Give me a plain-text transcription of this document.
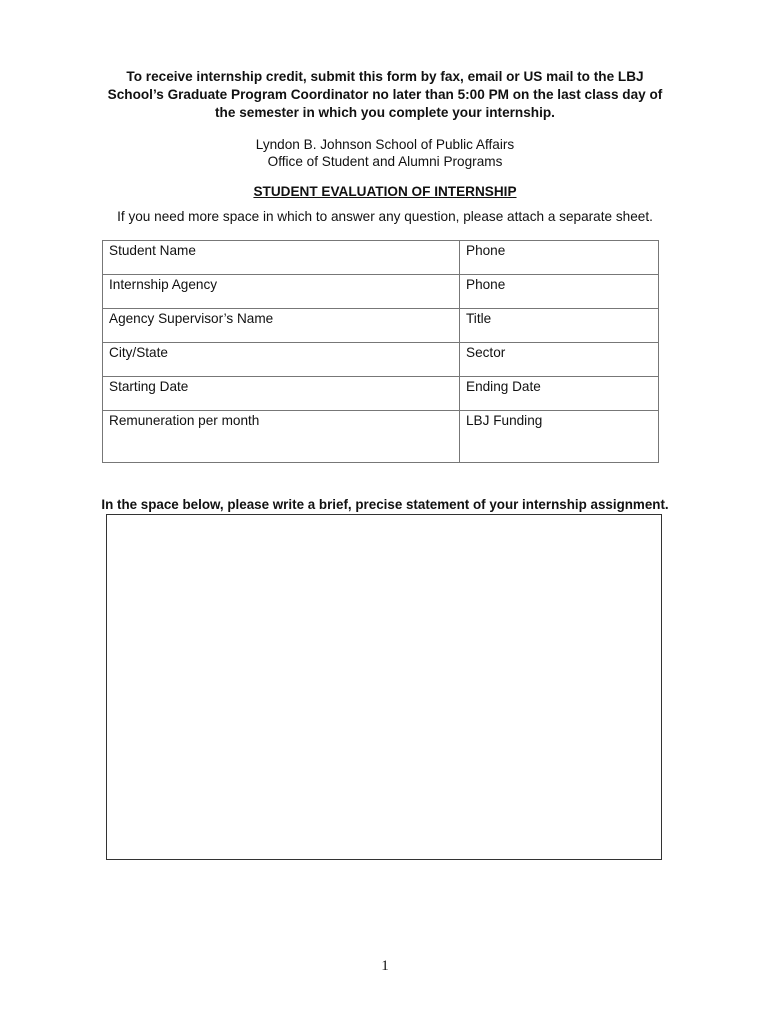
To receive internship credit, submit this form by fax, email or US mail to the LBJ

School’s Graduate Program Coordinator no later than 5:00 PM on the last class day of

the semester in which you complete your internship.

Lyndon B. Johnson School of Public Affairs

Office of Student and Alumni Programs

STUDENT EVALUATION OF INTERNSHIP
If you need more space in which to answer any question, please attach a separate sheet.
Student Name	Phone
Internship Agency	Phone
Agency Supervisor’s Name	Title
City/State	Sector
Starting Date	Ending Date
Remuneration per month	LBJ Funding
In the space below, please write a brief, precise statement of your internship assignment.
1
